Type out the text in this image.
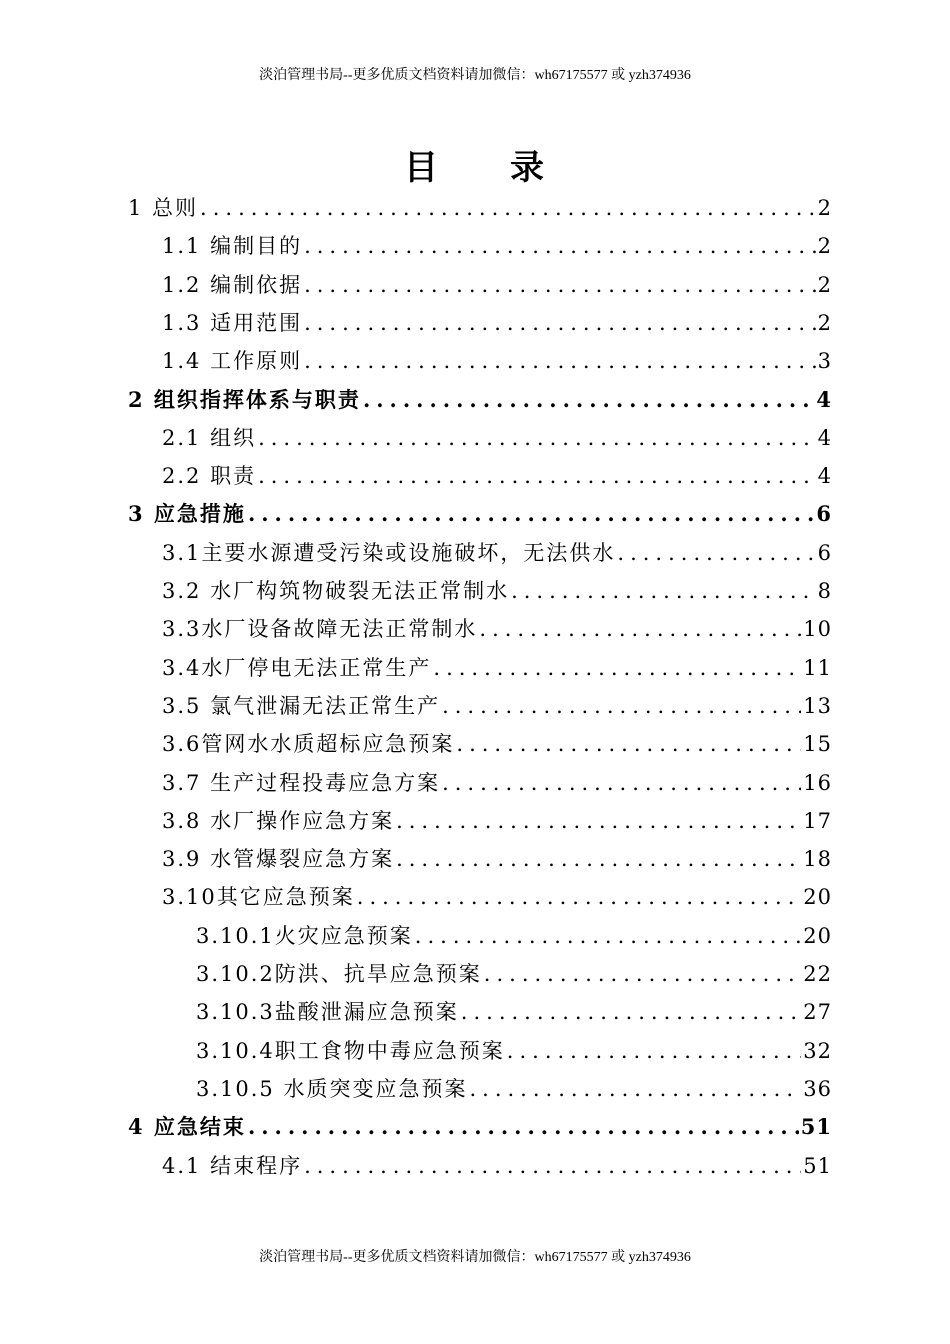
淡泊管理书局--更多优质文档资料请加微信：wh67175577 或 yzh374936
目 录
1 总则 .....	2
1.1 编制目的 .....	2
1.2 编制依据 .....	2
1.3 适用范围 .....	2
1.4 工作原则 .....	3
2 组织指挥体系与职责 .....	4
2.1 组织 .....	4
2.2 职责 .....	4
3 应急措施 .....	6
3.1主要水源遭受污染或设施破坏，无法供水 .....	6
3.2 水厂构筑物破裂无法正常制水 .....	8
3.3水厂设备故障无法正常制水 .....	10
3.4水厂停电无法正常生产 .....	11
3.5 氯气泄漏无法正常生产 .....	13
3.6管网水水质超标应急预案 .....	15
3.7 生产过程投毒应急方案 .....	16
3.8 水厂操作应急方案 .....	17
3.9 水管爆裂应急方案 .....	18
3.10其它应急预案 .....	20
3.10.1火灾应急预案 .....	20
3.10.2防洪、抗旱应急预案 .....	22
3.10.3盐酸泄漏应急预案 .....	27
3.10.4职工食物中毒应急预案 .....	32
3.10.5 水质突变应急预案 .....	36
4 应急结束 .....	51
4.1 结束程序 .....	51
淡泊管理书局--更多优质文档资料请加微信：wh67175577 或 yzh374936
